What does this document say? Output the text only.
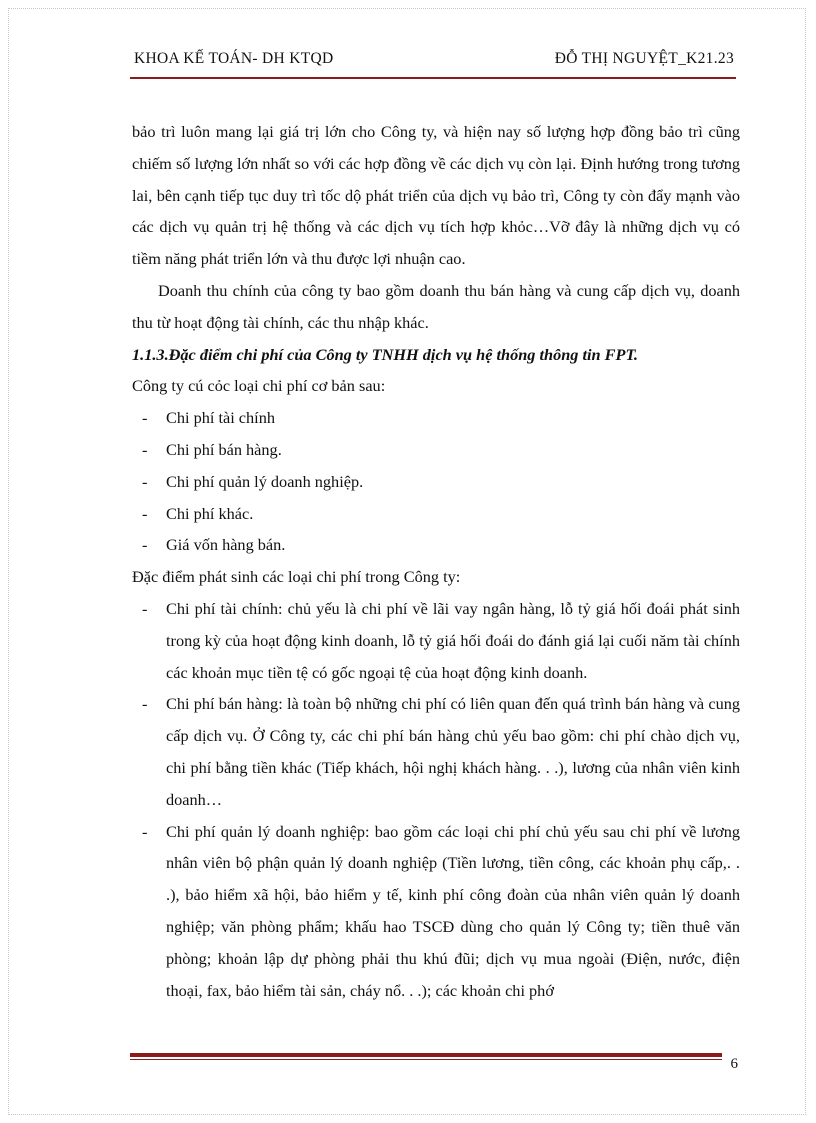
KHOA KẾ TOÁN- DH KTQD	ĐỖ THỊ NGUYỆT_K21.23

bảo trì luôn mang lại giá trị lớn cho Công ty, và hiện nay số lượng hợp đồng bảo trì cũng chiếm số lượng lớn nhất so với các hợp đồng về các dịch vụ còn lại. Định hướng trong tương lai, bên cạnh tiếp tục duy trì tốc dộ phát triển của dịch vụ bảo trì, Công ty còn đẩy mạnh vào các dịch vụ quản trị hệ thống và các dịch vụ tích hợp khỏc…Vỡ đây là những dịch vụ có tiềm năng phát triển lớn và thu được lợi nhuận cao.

Doanh thu chính của công ty bao gồm doanh thu bán hàng và cung cấp dịch vụ, doanh thu từ hoạt động tài chính, các thu nhập khác.

1.1.3.Đặc điểm chi phí của Công ty TNHH dịch vụ hệ thống thông tin FPT.

Công ty cú cỏc loại chi phí cơ bản sau:

- Chi phí tài chính
- Chi phí bán hàng.
- Chi phí quản lý doanh nghiệp.
- Chi phí khác.
- Giá vốn hàng bán.

Đặc điểm phát sinh các loại chi phí trong Công ty:

- Chi phí tài chính: chủ yếu là chi phí về lãi vay ngân hàng, lỗ tỷ giá hối đoái phát sinh trong kỳ của hoạt động kinh doanh, lỗ tỷ giá hối đoái do đánh giá lại cuối năm tài chính các khoản mục tiền tệ có gốc ngoại tệ của hoạt động kinh doanh.
- Chi phí bán hàng: là toàn bộ những chi phí có liên quan đến quá trình bán hàng và cung cấp dịch vụ. Ở Công ty, các chi phí bán hàng chủ yếu bao gồm: chi phí chào dịch vụ, chi phí bằng tiền khác (Tiếp khách, hội nghị khách hàng. . .), lương của nhân viên kinh doanh…
- Chi phí quản lý doanh nghiệp: bao gồm các loại chi phí chủ yếu sau chi phí về lương nhân viên bộ phận quản lý doanh nghiệp (Tiền lương, tiền công, các khoản phụ cấp,. . .), bảo hiểm xã hội, bảo hiểm y tế, kinh phí công đoàn của nhân viên quản lý doanh nghiệp; văn phòng phẩm; khấu hao TSCĐ dùng cho quản lý Công ty; tiền thuê văn phòng; khoản lập dự phòng phải thu khú đũi; dịch vụ mua ngoài (Điện, nước, điện thoại, fax, bảo hiểm tài sản, cháy nổ. . .); các khoản chi phớ
6
